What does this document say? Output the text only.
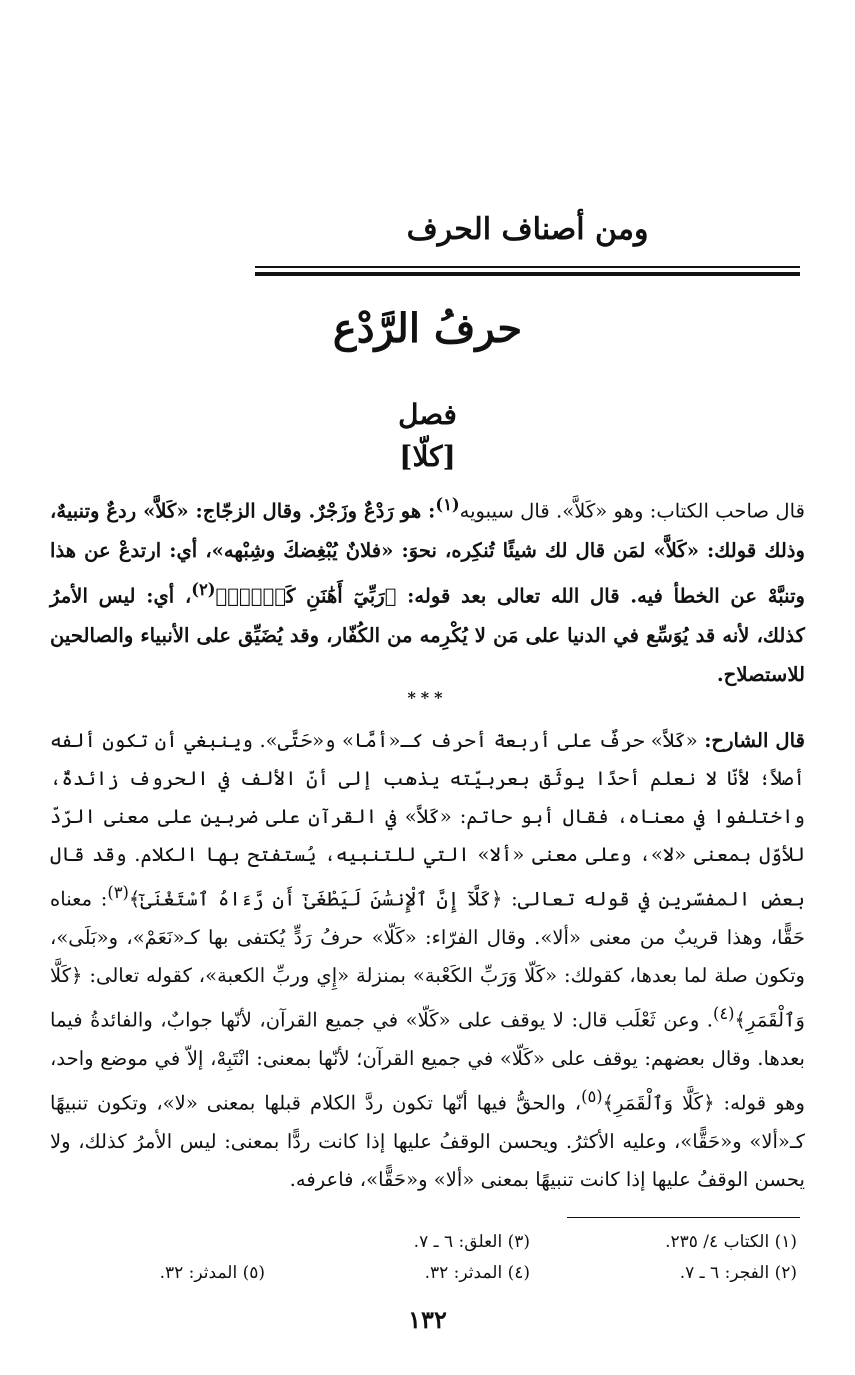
ومن أصناف الحرف
حرفُ الرَّدْع
فصل
[كلّا]

قال صاحب الكتاب: وهو «كَلاَّ». قال سيبويه$^{(١)}$: هو رَدْعٌ وزَجْرٌ. وقال الزجّاج: «كَلاَّ» ردعٌ وتنبيهٌ، وذلك قولك: «كَلاَّ» لمَن قال لك شيئًا تُنكِره، نحوَ: «فلانٌ يُبْغِضكَ وشِبْهه»، أي: ارتدعْ عن هذا وتنبَّهْ عن الخطأ فيه. قال الله تعالى بعد قوله: ﴿رَبِّيٓ أَهَٰنَنِ كَلَّاۖ﴾$^{(٢)}$، أي: ليس الأمرُ كذلك، لأنه قد يُوَسِّع في الدنيا على مَن لا يُكْرِمه من الكُفّار، وقد يُضَيِّق على الأنبياء والصالحين للاستصلاح.

***

قال الشارح: «كَلاَّ» حرفٌ على أربعة أحرف كـ«أمَّا» و«حَتَّى». وينبغي أن تكون ألفه أصلاً؛ لأنّا لا نعلم أحدًا يوثَق بعربيّته يذهب إلى أنّ الألف في الحروف زائدةٌ، واختلفوا في معناه، فقال أبو حاتم: «كَلاَّ» في القرآن على ضربين على معنى الرّدّ للأوّل بمعنى «لا»، وعلى معنى «ألا» التي للتنبيه، يُستفتح بها الكلام. وقد قال بعض المفسّرين في قوله تعالى: ﴿كَلَّآ إِنَّ ٱلْإِنسَٰنَ لَيَطْغَىٰٓ أَن رَّءَاهُ ٱسْتَغْنَىٰٓ﴾$^{(٣)}$: معناه حَقًّا، وهذا قريبٌ من معنى «ألا». وقال الفرّاء: «كَلّا» حرفُ رَدٍّ يُكتفى بها كـ«نَعَمْ»، و«بَلَى»، وتكون صلة لما بعدها، كقولك: «كَلّا وَرَبِّ الكَعْبة» بمنزلة «إِي وربِّ الكعبة»، كقوله تعالى: ﴿كَلَّا وَٱلْقَمَرِ﴾$^{(٤)}$. وعن ثَعْلَب قال: لا يوقف على «كَلّا» في جميع القرآن، لأنّها جوابٌ، والفائدةُ فيما بعدها. وقال بعضهم: يوقف على «كَلّا» في جميع القرآن؛ لأنّها بمعنى: انْتَبِهْ، إلاّ في موضع واحد، وهو قوله: ﴿كَلَّا وَٱلْقَمَرِ﴾$^{(٥)}$، والحقُّ فيها أنّها تكون ردَّ الكلام قبلها بمعنى «لا»، وتكون تنبيهًا كـ«ألا» و«حَقًّا»، وعليه الأكثرُ. ويحسن الوقفُ عليها إذا كانت ردًّا بمعنى: ليس الأمرُ كذلك، ولا يحسن الوقفُ عليها إذا كانت تنبيهًا بمعنى «ألا» و«حَقًّا»، فاعرفه.

(١) الكتاب ٤/ ٢٣٥.
(٢) الفجر: ٦ ـ ٧.
(٣) العلق: ٦ ـ ٧.
(٤) المدثر: ٣٢.
(٥) المدثر: ٣٢.
١٣٢
